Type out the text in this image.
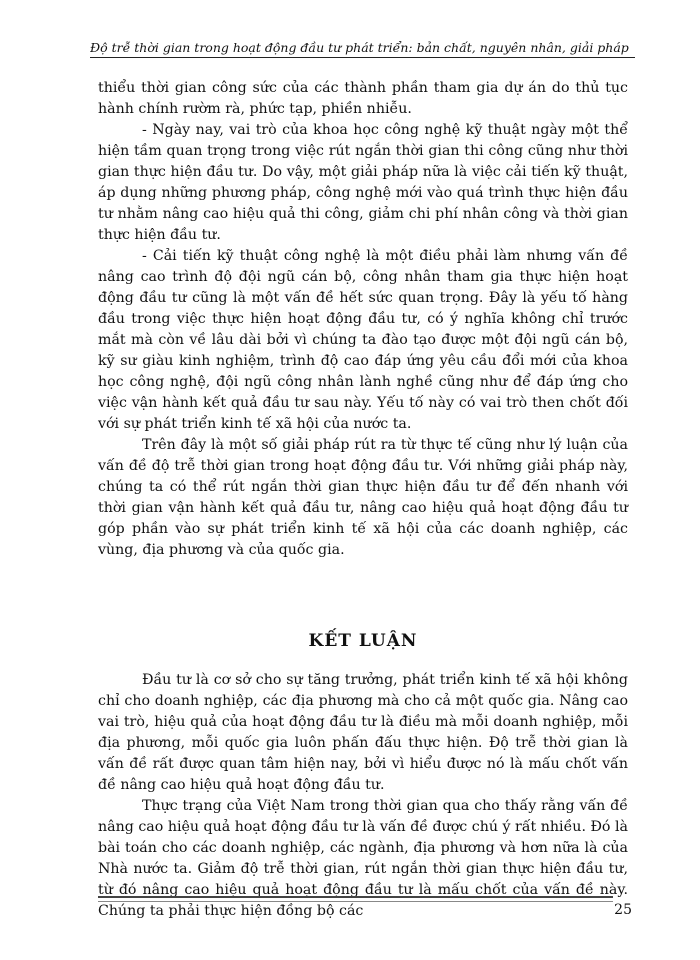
Độ trễ thời gian trong hoạt động đầu tư phát triển: bản chất, nguyên nhân, giải pháp

thiểu thời gian công sức của các thành phần tham gia dự án do thủ tục hành chính rườm rà, phức tạp, phiền nhiễu.

- Ngày nay, vai trò của khoa học công nghệ kỹ thuật ngày một thể hiện tầm quan trọng trong việc rút ngắn thời gian thi công cũng như thời gian thực hiện đầu tư. Do vậy, một giải pháp nữa là việc cải tiến kỹ thuật, áp dụng những phương pháp, công nghệ mới vào quá trình thực hiện đầu tư nhằm nâng cao hiệu quả thi công, giảm chi phí nhân công và thời gian thực hiện đầu tư.

- Cải tiến kỹ thuật công nghệ là một điều phải làm nhưng vấn đề nâng cao trình độ đội ngũ cán bộ, công nhân tham gia thực hiện hoạt động đầu tư cũng là một vấn đề hết sức quan trọng. Đây là yếu tố hàng đầu trong việc thực hiện hoạt động đầu tư, có ý nghĩa không chỉ trước mắt mà còn về lâu dài bởi vì chúng ta đào tạo được một đội ngũ cán bộ, kỹ sư giàu kinh nghiệm, trình độ cao đáp ứng yêu cầu đổi mới của khoa học công nghệ, đội ngũ công nhân lành nghề cũng như để đáp ứng cho việc vận hành kết quả đầu tư sau này. Yếu tố này có vai trò then chốt đối với sự phát triển kinh tế xã hội của nước ta.

Trên đây là một số giải pháp rút ra từ thực tế cũng như lý luận của vấn đề độ trễ thời gian trong hoạt động đầu tư. Với những giải pháp này, chúng ta có thể rút ngắn thời gian thực hiện đầu tư để đến nhanh với thời gian vận hành kết quả đầu tư, nâng cao hiệu quả hoạt động đầu tư góp phần vào sự phát triển kinh tế xã hội của các doanh nghiệp, các vùng, địa phương và của quốc gia.

KẾT LUẬN

Đầu tư là cơ sở cho sự tăng trưởng, phát triển kinh tế xã hội không chỉ cho doanh nghiệp, các địa phương mà cho cả một quốc gia. Nâng cao vai trò, hiệu quả của hoạt động đầu tư là điều mà mỗi doanh nghiệp, mỗi địa phương, mỗi quốc gia luôn phấn đấu thực hiện. Độ trễ thời gian là vấn đề rất được quan tâm hiện nay, bởi vì hiểu được nó là mấu chốt vấn đề nâng cao hiệu quả hoạt động đầu tư.

Thực trạng của Việt Nam trong thời gian qua cho thấy rằng vấn đề nâng cao hiệu quả hoạt động đầu tư là vấn đề được chú ý rất nhiều. Đó là bài toán cho các doanh nghiệp, các ngành, địa phương và hơn nữa là của Nhà nước ta. Giảm độ trễ thời gian, rút ngắn thời gian thực hiện đầu tư, từ đó nâng cao hiệu quả hoạt động đầu tư là mấu chốt của vấn đề này. Chúng ta phải thực hiện đồng bộ các	25
